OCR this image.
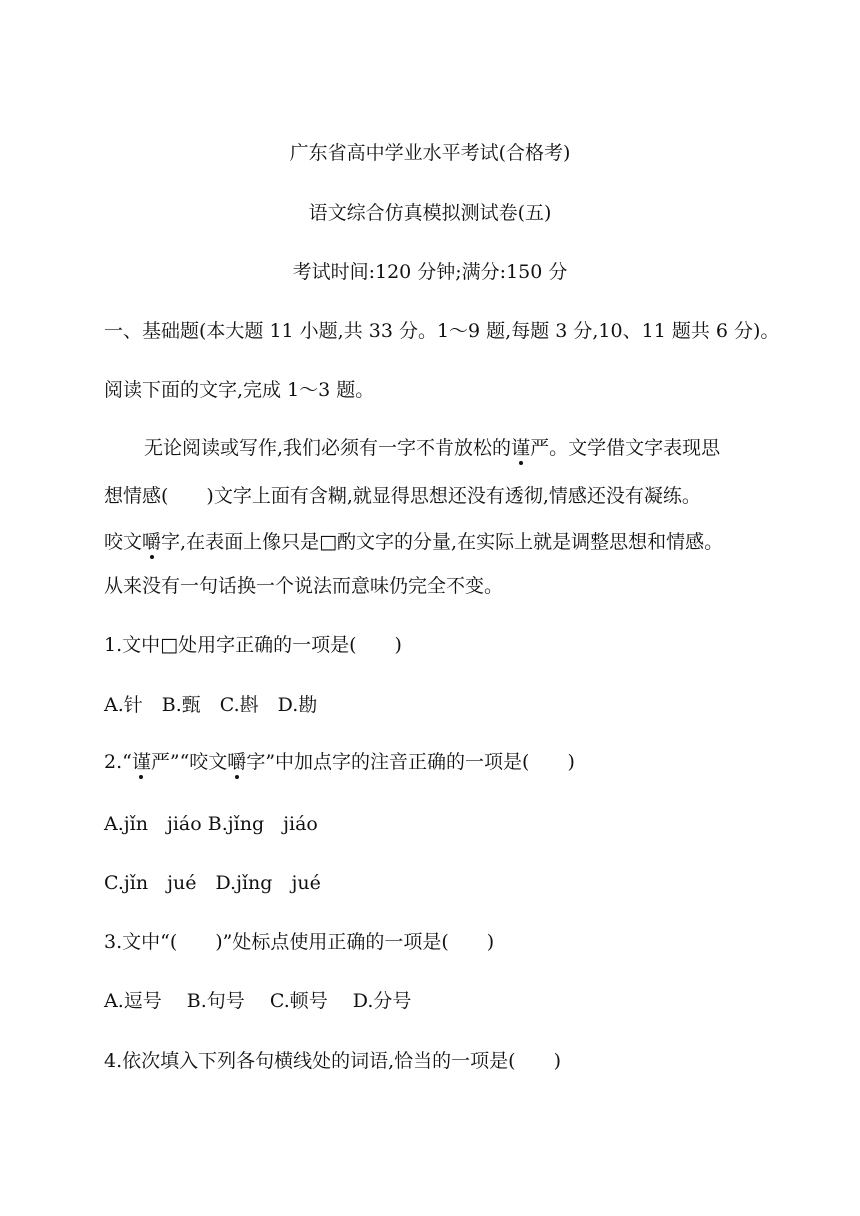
广东省高中学业水平考试(合格考)
语文综合仿真模拟测试卷(五)
考试时间:120 分钟;满分:150 分
一、基础题(本大题 11 小题,共 33 分。1～9 题,每题 3 分,10、11 题共 6 分)。
阅读下面的文字,完成 1～3 题。
无论阅读或写作,我们必须有一字不肯放松的谨严。文学借文字表现思
想情感(　　)文字上面有含糊,就显得思想还没有透彻,情感还没有凝练。
咬文嚼字,在表面上像只是□酌文字的分量,在实际上就是调整思想和情感。
从来没有一句话换一个说法而意味仍完全不变。
1.文中□处用字正确的一项是(　　)
A.针　B.甄　C.斟　D.勘
2.“谨严”“咬文嚼字”中加点字的注音正确的一项是(　　)
A.jǐn　jiáo B.jǐng　jiáo
C.jǐn　jué　D.jǐng　jué
3.文中“(　　)”处标点使用正确的一项是(　　)
A.逗号　 B.句号　 C.顿号　 D.分号
4.依次填入下列各句横线处的词语,恰当的一项是(　　)
